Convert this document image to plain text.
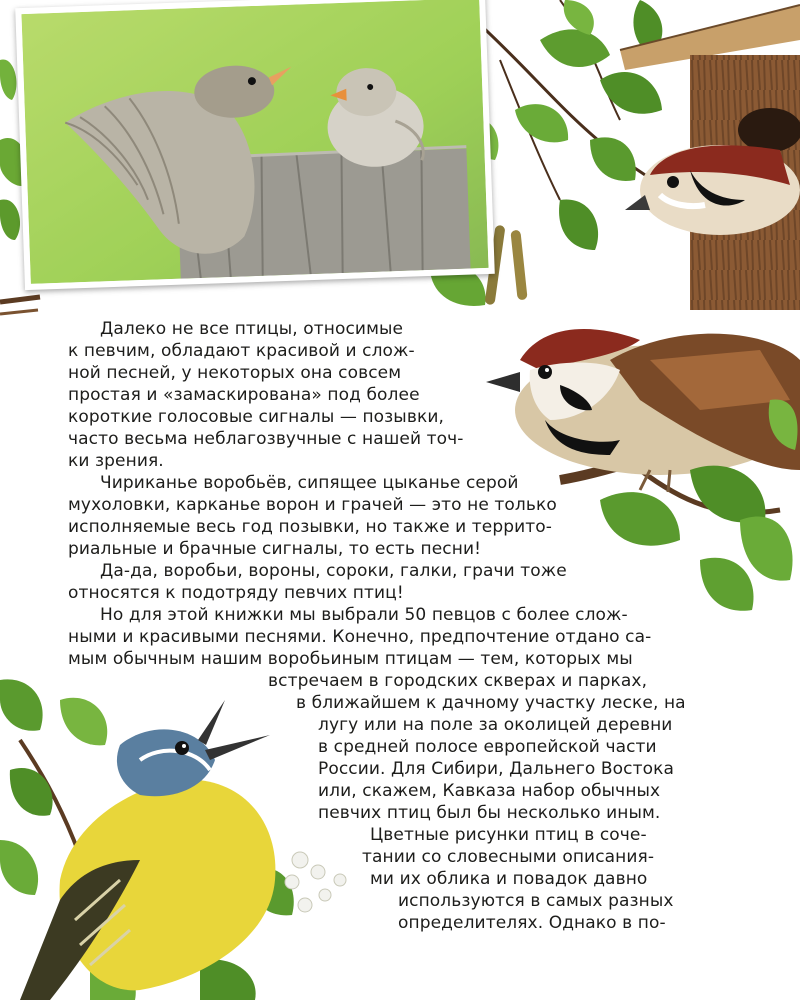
Далеко не все птицы, относимые

к певчим, обладают красивой и слож-

ной песней, у некоторых она совсем

простая и «замаскирована» под более

короткие голосовые сигналы — позывки,

часто весьма неблагозвучные с нашей точ-

ки зрения.

Чириканье воробьёв, сипящее цыканье серой

мухоловки, карканье ворон и грачей — это не только

исполняемые весь год позывки, но также и террито-

риальные и брачные сигналы, то есть песни!

Да-да, воробьи, вороны, сороки, галки, грачи тоже

относятся к подотряду певчих птиц!

Но для этой книжки мы выбрали 50 певцов с более слож-

ными и красивыми песнями. Конечно, предпочтение отдано са-

мым обычным нашим воробьиным птицам — тем, которых мы

встречаем в городских скверах и парках,

в ближайшем к дачному участку леске, на

лугу или на поле за околицей деревни

в средней полосе европейской части

России. Для Сибири, Дальнего Востока

или, скажем, Кавказа набор обычных

певчих птиц был бы несколько иным.

Цветные рисунки птиц в сочe-

тании со словесными описания-

ми их облика и повадок давно

используются в самых разных

определителях. Однако в по-
